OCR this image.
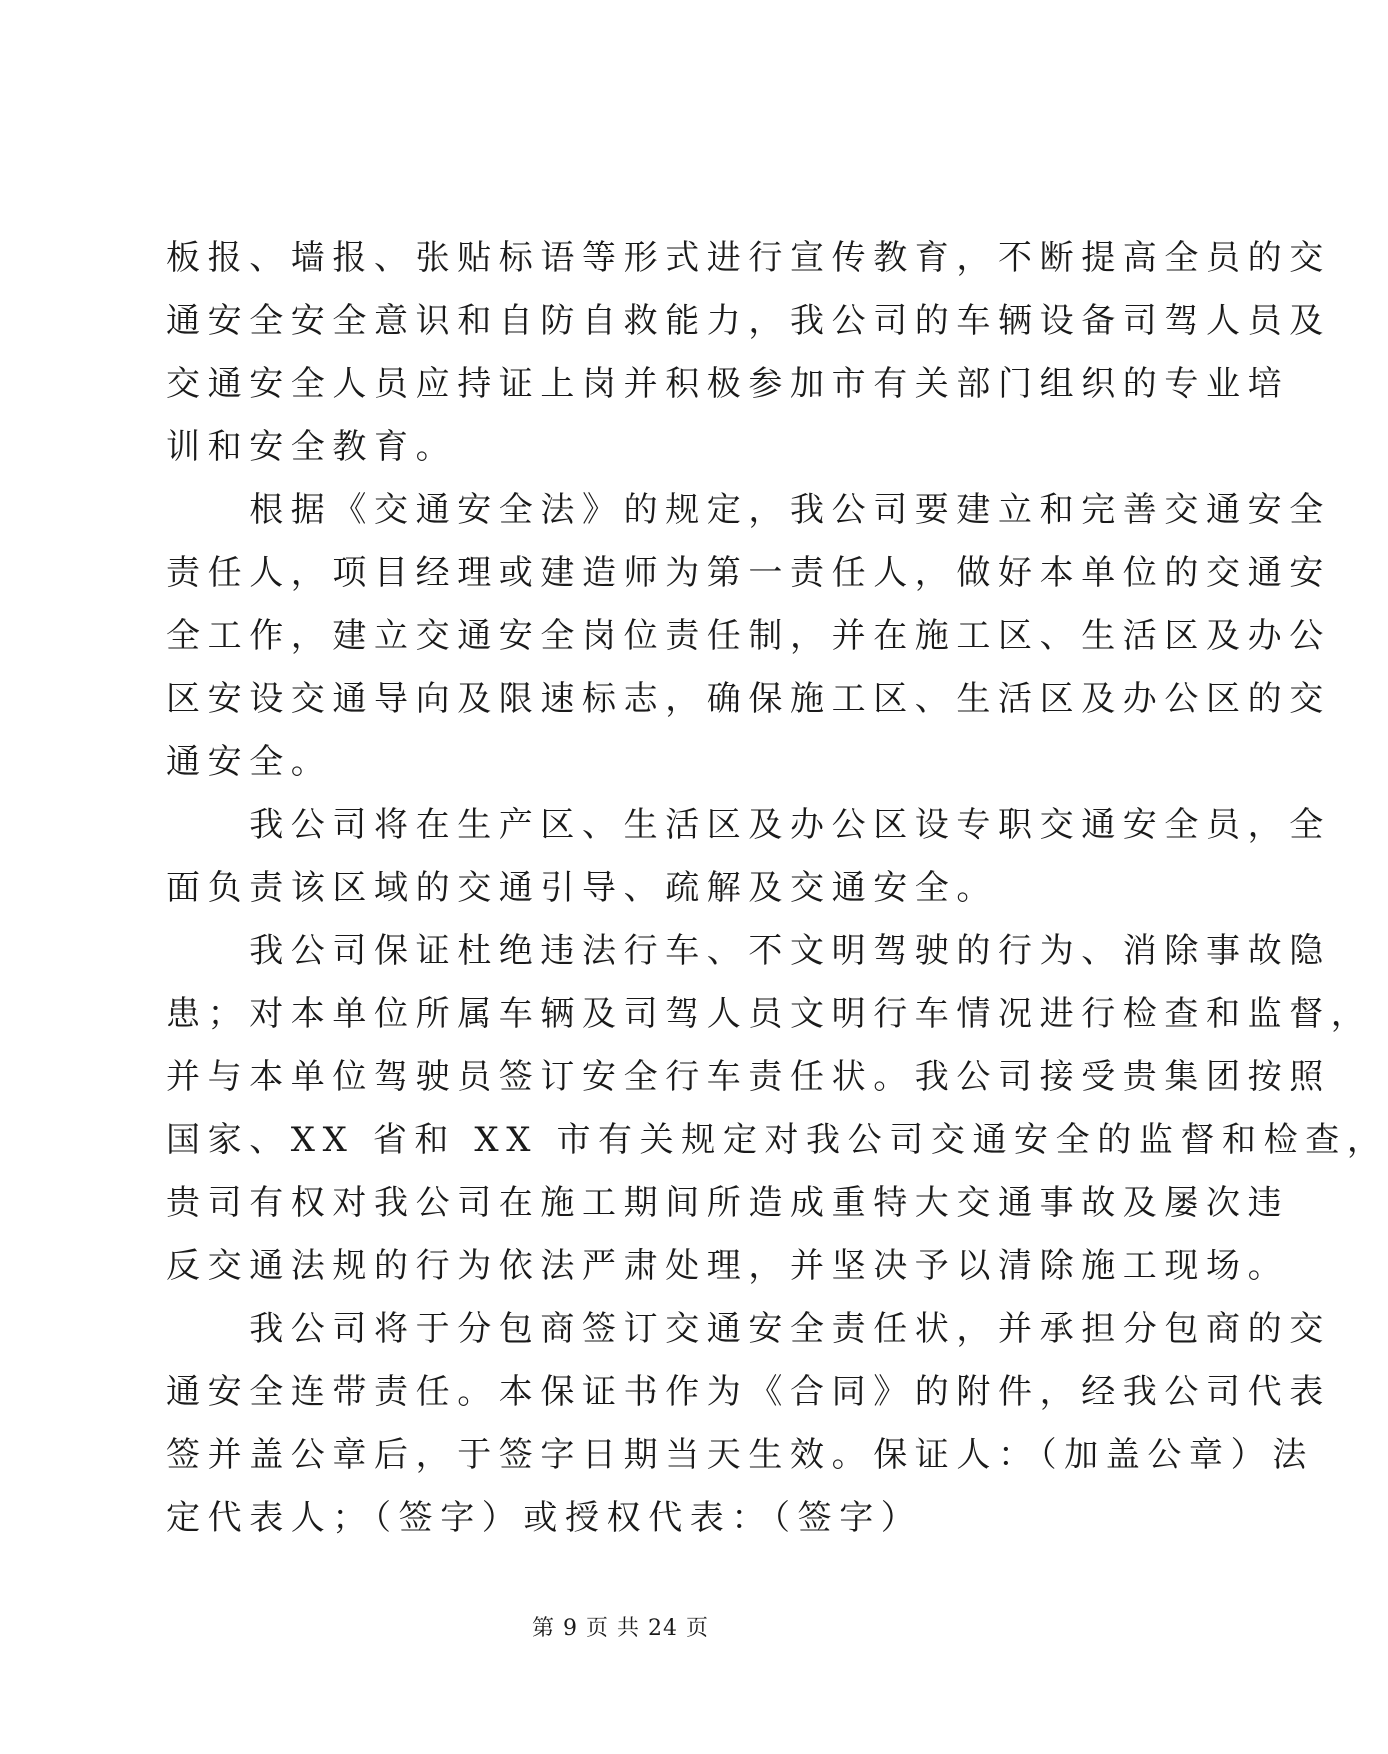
板报、墙报、张贴标语等形式进行宣传教育，不断提高全员的交
通安全安全意识和自防自救能力，我公司的车辆设备司驾人员及
交通安全人员应持证上岗并积极参加市有关部门组织的专业培
训和安全教育。
　　根据《交通安全法》的规定，我公司要建立和完善交通安全
责任人，项目经理或建造师为第一责任人，做好本单位的交通安
全工作，建立交通安全岗位责任制，并在施工区、生活区及办公
区安设交通导向及限速标志，确保施工区、生活区及办公区的交
通安全。
　　我公司将在生产区、生活区及办公区设专职交通安全员，全
面负责该区域的交通引导、疏解及交通安全。
　　我公司保证杜绝违法行车、不文明驾驶的行为、消除事故隐
患；对本单位所属车辆及司驾人员文明行车情况进行检查和监督，
并与本单位驾驶员签订安全行车责任状。我公司接受贵集团按照
国家、XX 省和 XX 市有关规定对我公司交通安全的监督和检查，
贵司有权对我公司在施工期间所造成重特大交通事故及屡次违
反交通法规的行为依法严肃处理，并坚决予以清除施工现场。
　　我公司将于分包商签订交通安全责任状，并承担分包商的交
通安全连带责任。本保证书作为《合同》的附件，经我公司代表
签并盖公章后，于签字日期当天生效。保证人：（加盖公章）法
定代表人；（签字）或授权代表：（签字）
第 9 页 共 24 页
